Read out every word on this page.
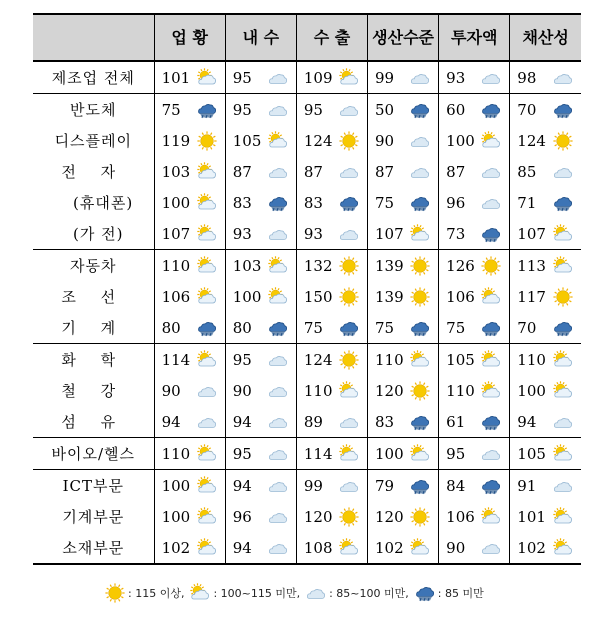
	업 황	내 수	수 출	생산수준	투자액	채산성
제조업 전체	101	95	109	99	93	98

반도체	75	95	95	50	60	70

디스플레이	119	105	124	90	100	124

전 자	103	87	87	87	87	85

(휴대폰)	100	83	83	75	96	71

(가 전)	107	93	93	107	73	107

자동차	110	103	132	139	126	113

조 선	106	100	150	139	106	117

기 계	80	80	75	75	75	70

화 학	114	95	124	110	105	110

철 강	90	90	110	120	110	100

섬 유	94	94	89	83	61	94

바이오/헬스	110	95	114	100	95	105

ICT부문	100	94	99	79	84	91

기계부문	100	96	120	120	106	101

소재부문	102	94	108	102	90	102
: 115 이상,	: 100~115 미만,	: 85~100 미만,	: 85 미만
